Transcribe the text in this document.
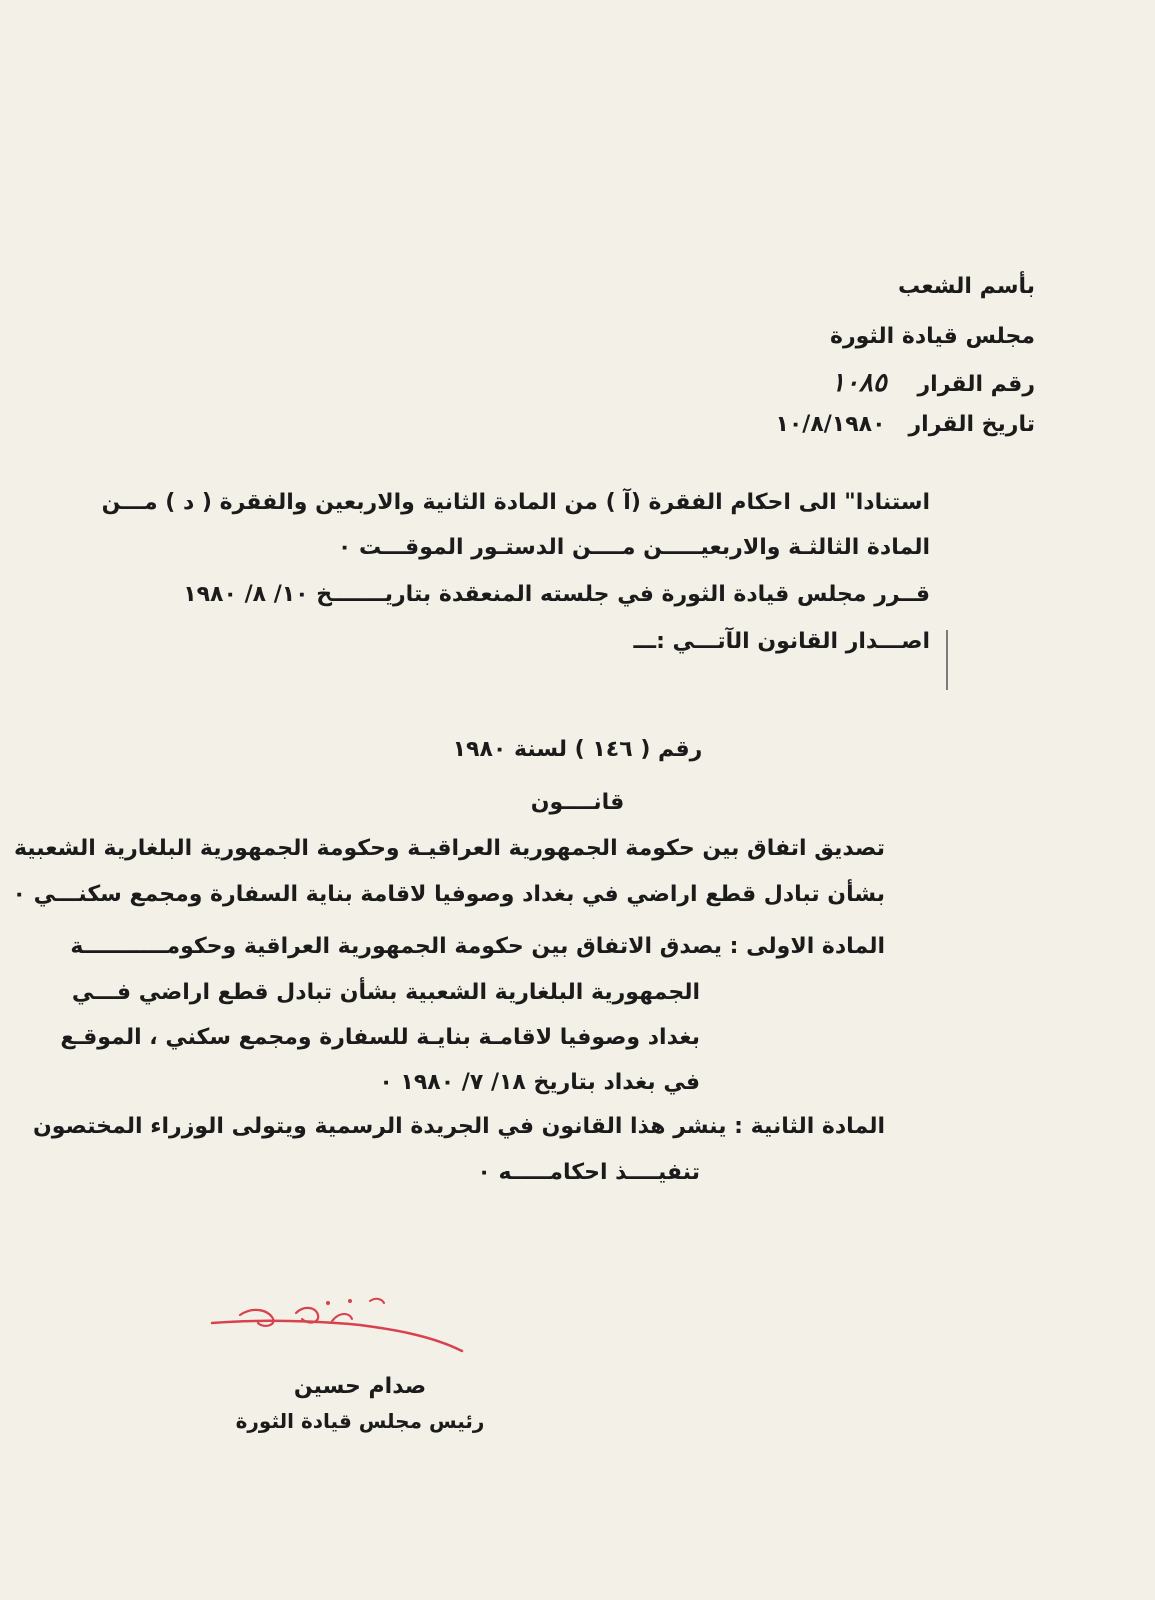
بأسم الشعب
مجلس قيادة الثورة
رقم القرار    ١٠٨٥
تاريخ القرار   ١٠/٨/١٩٨٠
استنادا" الى احكام الفقرة (آ ) من المادة الثانية والاربعين والفقرة ( د ) مـــن
المادة الثالثـة والاربعيـــــن مــــن الدستـور الموقـــت ٠
قــرر مجلس قيادة الثورة في جلسته المنعقدة بتاريـــــــخ ١٠/ ٨/ ١٩٨٠
اصـــدار القانون الآتـــي :ـــ
رقم ( ١٤٦ ) لسنة ١٩٨٠
قانــــون
تصديق اتفاق بين حكومة الجمهورية العراقيـة وحكومة الجمهورية البلغارية الشعبية
بشأن تبادل قطع اراضي في بغداد وصوفيا لاقامة بناية السفارة ومجمع سكنـــي ٠
المادة الاولى : يصدق الاتفاق بين حكومة الجمهورية العراقية وحكومـــــــــــة
الجمهورية البلغارية الشعبية بشأن تبادل قطع اراضي فـــي
بغداد وصوفيا لاقامـة بنايـة للسفارة ومجمع سكني ، الموقـع
في بغداد بتاريخ ١٨/ ٧/ ١٩٨٠ ٠
المادة الثانية : ينشر هذا القانون في الجريدة الرسمية ويتولى الوزراء المختصون
تنفيــــذ احكامـــــه ٠
صدام حسين
رئيس مجلس قيادة الثورة
